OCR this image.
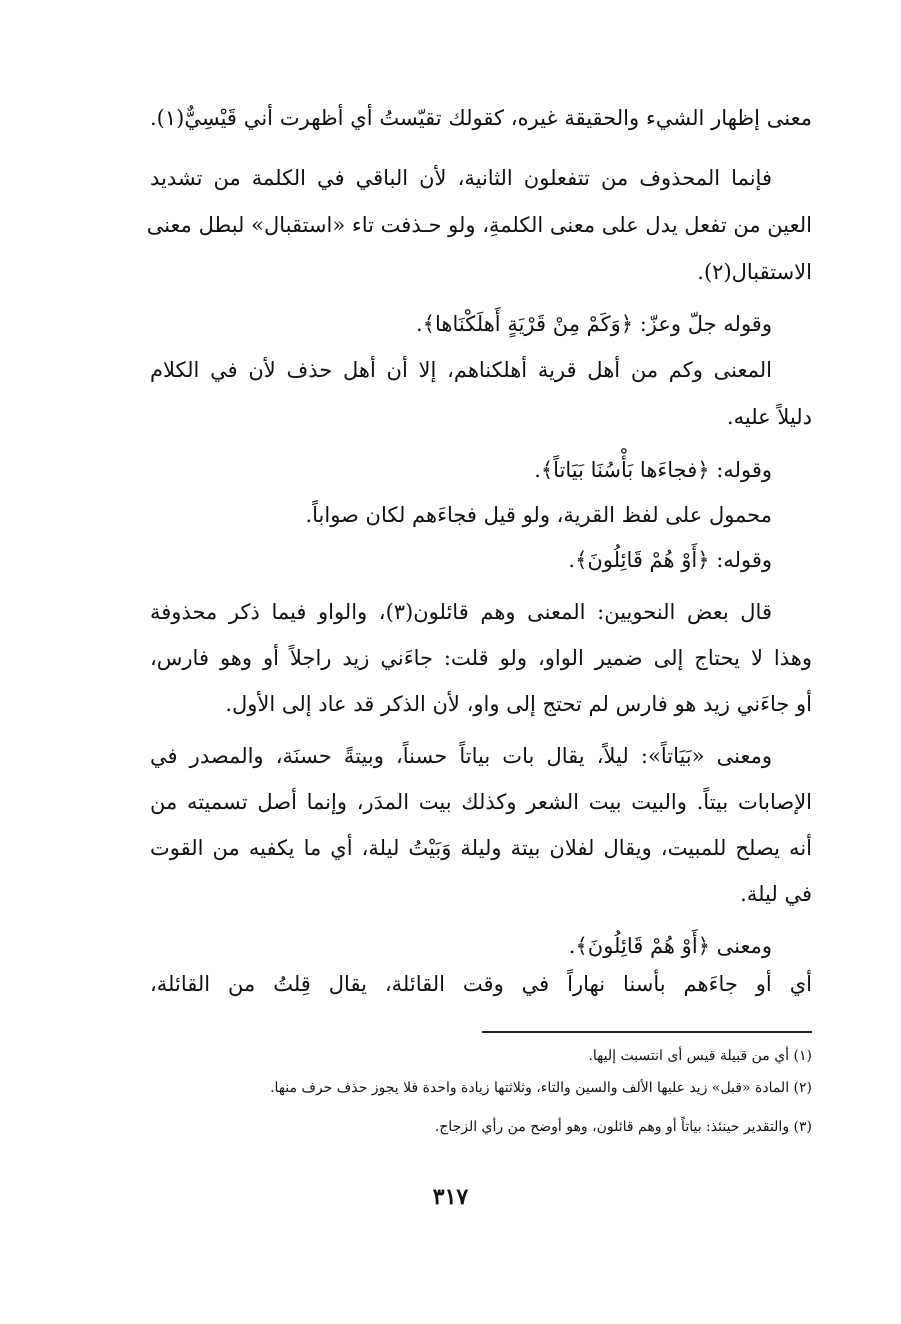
معنى إظهار الشيء والحقيقة غيره، كقولك تقيّستُ أي أظهرت أني قَيْسِيٌّ(١).
فإنما المحذوف من تتفعلون الثانية، لأن الباقي في الكلمة من تشديد
العين من تفعل يدل على معنى الكلمةِ، ولو حـذفت تاء «استقبال» لبطل معنى
الاستقبال(٢).
وقوله جلّ وعزّ: ﴿وَكَمْ مِنْ قَرْيَةٍ أَهلَكْنَاها﴾.
المعنى وكم من أهل قرية أهلكناهم، إلا أن أهل حذف لأن في الكلام
دليلاً عليه.
وقوله: ﴿فجاءَها بَأْسُنَا بَيَاتاً﴾.
محمول على لفظ القرية، ولو قيل فجاءَهم لكان صواباً.
وقوله: ﴿أَوْ هُمْ قَائِلُونَ﴾.
قال بعض النحويين: المعنى وهم قائلون(٣)، والواو فيما ذكر محذوفة
وهذا لا يحتاج إلى ضمير الواو، ولو قلت: جاءَني زيد راجلاً أو وهو فارس،
أو جاءَني زيد هو فارس لم تحتج إلى واو، لأن الذكر قد عاد إلى الأول.
ومعنى «بَيَاتاً»: ليلاً، يقال بات بياتاً حسناً، وبيتةً حسنَة، والمصدر في
الإصابات بيتاً. والبيت بيت الشعر وكذلك بيت المدَر، وإنما أصل تسميته من
أنه يصلح للمبيت، ويقال لفلان بيتة وليلة وَبَيْتُ ليلة، أي ما يكفيه من القوت
في ليلة.
ومعنى ﴿أَوْ هُمْ قَائِلُونَ﴾.
أي أو جاءَهم بأسنا نهاراً في وقت القائلة، يقال قِلتُ من القائلة،
(١) أي من قبيلة قيس أى انتسبت إليها.
(٢) المادة «قبل» زيد عليها الألف والسين والتاء، وثلاثتها زيادة واحدة فلا يجوز حذف حرف منها.
(٣) والتقدير حينئذ: بياتاً أو وهم قائلون، وهو أوضح من رأي الزجاج.
٣١٧
